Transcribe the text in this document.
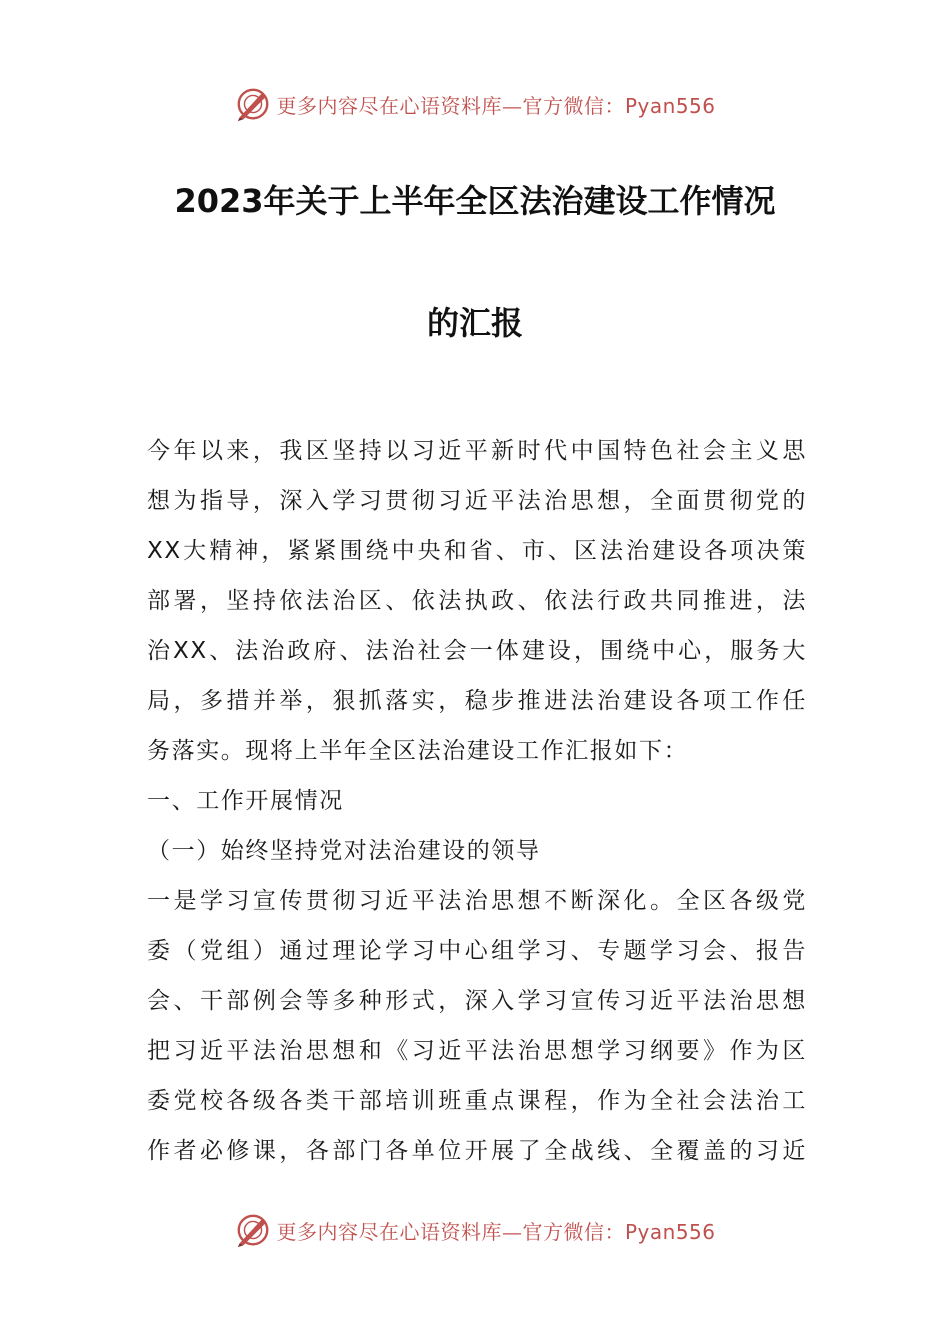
更多内容尽在心语资料库—官方微信：Pyan556
2023年关于上半年全区法治建设工作情况
的汇报
今年以来，我区坚持以习近平新时代中国特色社会主义思
想为指导，深入学习贯彻习近平法治思想，全面贯彻党的
XX大精神，紧紧围绕中央和省、市、区法治建设各项决策
部署，坚持依法治区、依法执政、依法行政共同推进，法
治XX、法治政府、法治社会一体建设，围绕中心，服务大
局，多措并举，狠抓落实，稳步推进法治建设各项工作任
务落实。现将上半年全区法治建设工作汇报如下：
一、工作开展情况
（一）始终坚持党对法治建设的领导
一是学习宣传贯彻习近平法治思想不断深化。全区各级党
委（党组）通过理论学习中心组学习、专题学习会、报告
会、干部例会等多种形式，深入学习宣传习近平法治思想
把习近平法治思想和《习近平法治思想学习纲要》作为区
委党校各级各类干部培训班重点课程，作为全社会法治工
作者必修课，各部门各单位开展了全战线、全覆盖的习近
更多内容尽在心语资料库—官方微信：Pyan556
